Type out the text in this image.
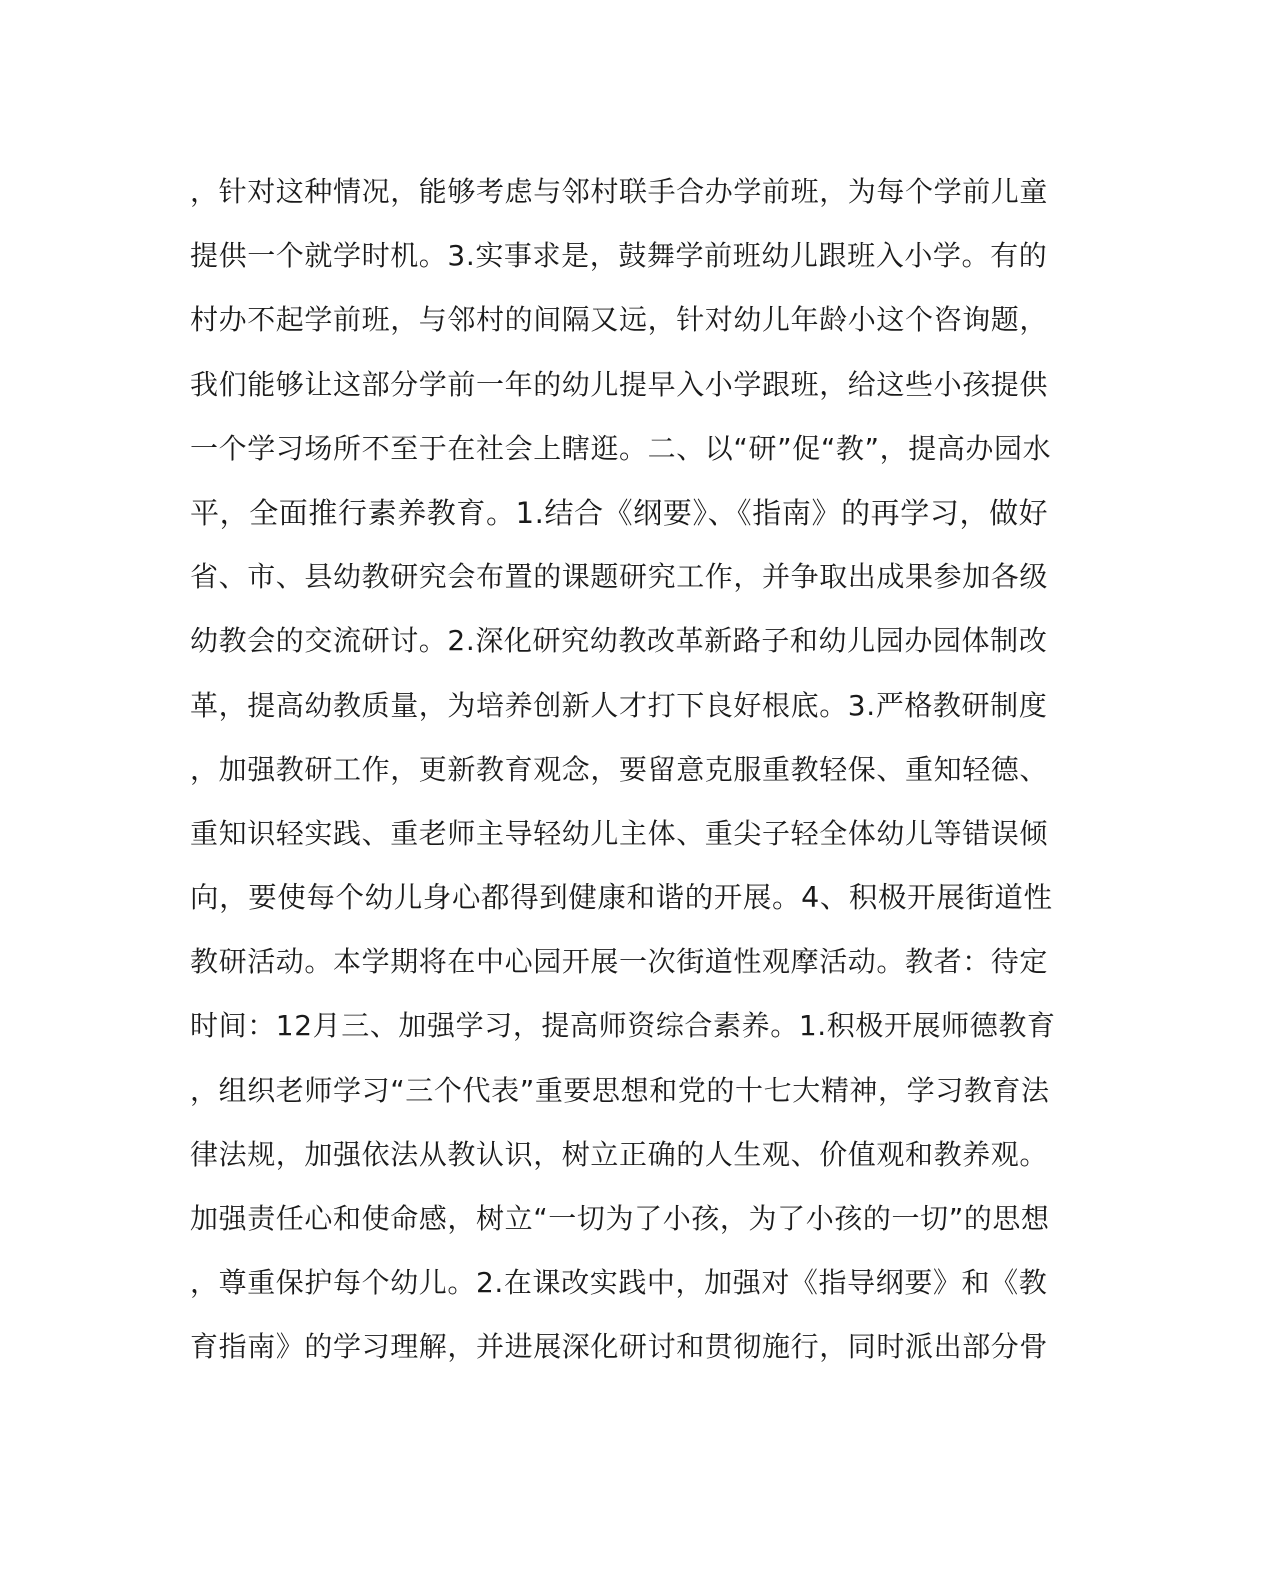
，针对这种情况，能够考虑与邻村联手合办学前班，为每个学前儿童
提供一个就学时机。3.实事求是，鼓舞学前班幼儿跟班入小学。有的
村办不起学前班，与邻村的间隔又远，针对幼儿年龄小这个咨询题，
我们能够让这部分学前一年的幼儿提早入小学跟班，给这些小孩提供
一个学习场所不至于在社会上瞎逛。二、以“研”促“教”，提高办园水
平，全面推行素养教育。1.结合《纲要》、《指南》的再学习，做好
省、市、县幼教研究会布置的课题研究工作，并争取出成果参加各级
幼教会的交流研讨。2.深化研究幼教改革新路子和幼儿园办园体制改
革，提高幼教质量，为培养创新人才打下良好根底。3.严格教研制度
，加强教研工作，更新教育观念，要留意克服重教轻保、重知轻德、
重知识轻实践、重老师主导轻幼儿主体、重尖子轻全体幼儿等错误倾
向，要使每个幼儿身心都得到健康和谐的开展。4、积极开展街道性
教研活动。本学期将在中心园开展一次街道性观摩活动。教者：待定
时间：12月三、加强学习，提高师资综合素养。1.积极开展师德教育
，组织老师学习“三个代表”重要思想和党的十七大精神，学习教育法
律法规，加强依法从教认识，树立正确的人生观、价值观和教养观。
加强责任心和使命感，树立“一切为了小孩，为了小孩的一切”的思想
，尊重保护每个幼儿。2.在课改实践中，加强对《指导纲要》和《教
育指南》的学习理解，并进展深化研讨和贯彻施行，同时派出部分骨
